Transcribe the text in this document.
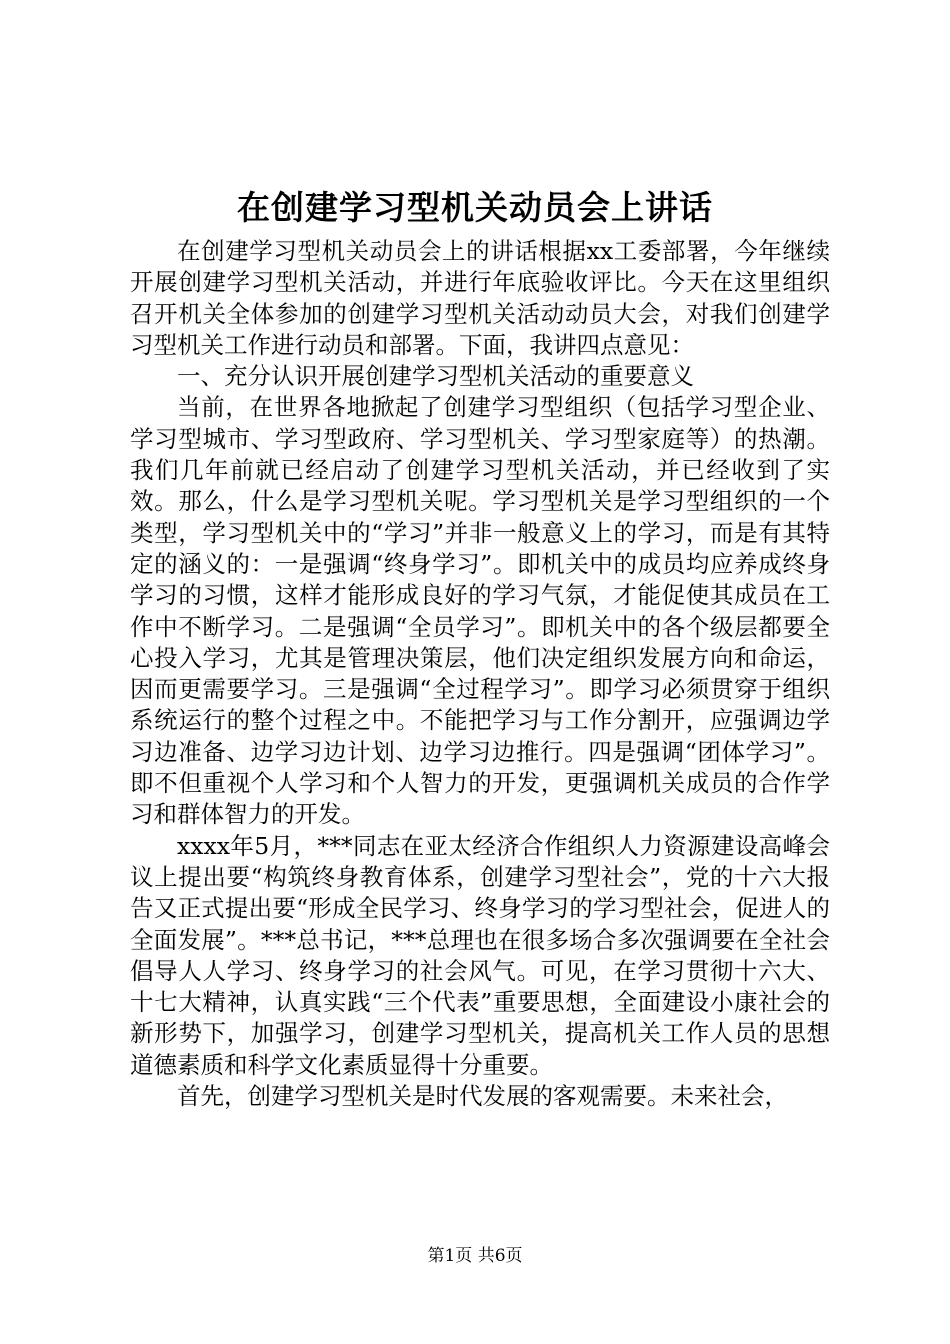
在创建学习型机关动员会上讲话

在创建学习型机关动员会上的讲话根据xx工委部署，今年继续开展创建学习型机关活动，并进行年底验收评比。今天在这里组织召开机关全体参加的创建学习型机关活动动员大会，对我们创建学习型机关工作进行动员和部署。下面，我讲四点意见：

一、充分认识开展创建学习型机关活动的重要意义

当前，在世界各地掀起了创建学习型组织（包括学习型企业、学习型城市、学习型政府、学习型机关、学习型家庭等）的热潮。我们几年前就已经启动了创建学习型机关活动，并已经收到了实效。那么，什么是学习型机关呢。学习型机关是学习型组织的一个类型，学习型机关中的“学习”并非一般意义上的学习，而是有其特定的涵义的：一是强调“终身学习”。即机关中的成员均应养成终身学习的习惯，这样才能形成良好的学习气氛，才能促使其成员在工作中不断学习。二是强调“全员学习”。即机关中的各个级层都要全心投入学习，尤其是管理决策层，他们决定组织发展方向和命运，因而更需要学习。三是强调“全过程学习”。即学习必须贯穿于组织系统运行的整个过程之中。不能把学习与工作分割开，应强调边学习边准备、边学习边计划、边学习边推行。四是强调“团体学习”。即不但重视个人学习和个人智力的开发，更强调机关成员的合作学习和群体智力的开发。

xxxx年5月，***同志在亚太经济合作组织人力资源建设高峰会议上提出要“构筑终身教育体系，创建学习型社会”，党的十六大报告又正式提出要“形成全民学习、终身学习的学习型社会，促进人的全面发展”。***总书记，***总理也在很多场合多次强调要在全社会倡导人人学习、终身学习的社会风气。可见，在学习贯彻十六大、十七大精神，认真实践“三个代表”重要思想，全面建设小康社会的新形势下，加强学习，创建学习型机关，提高机关工作人员的思想道德素质和科学文化素质显得十分重要。

首先，创建学习型机关是时代发展的客观需要。未来社会，

第1页 共6页
